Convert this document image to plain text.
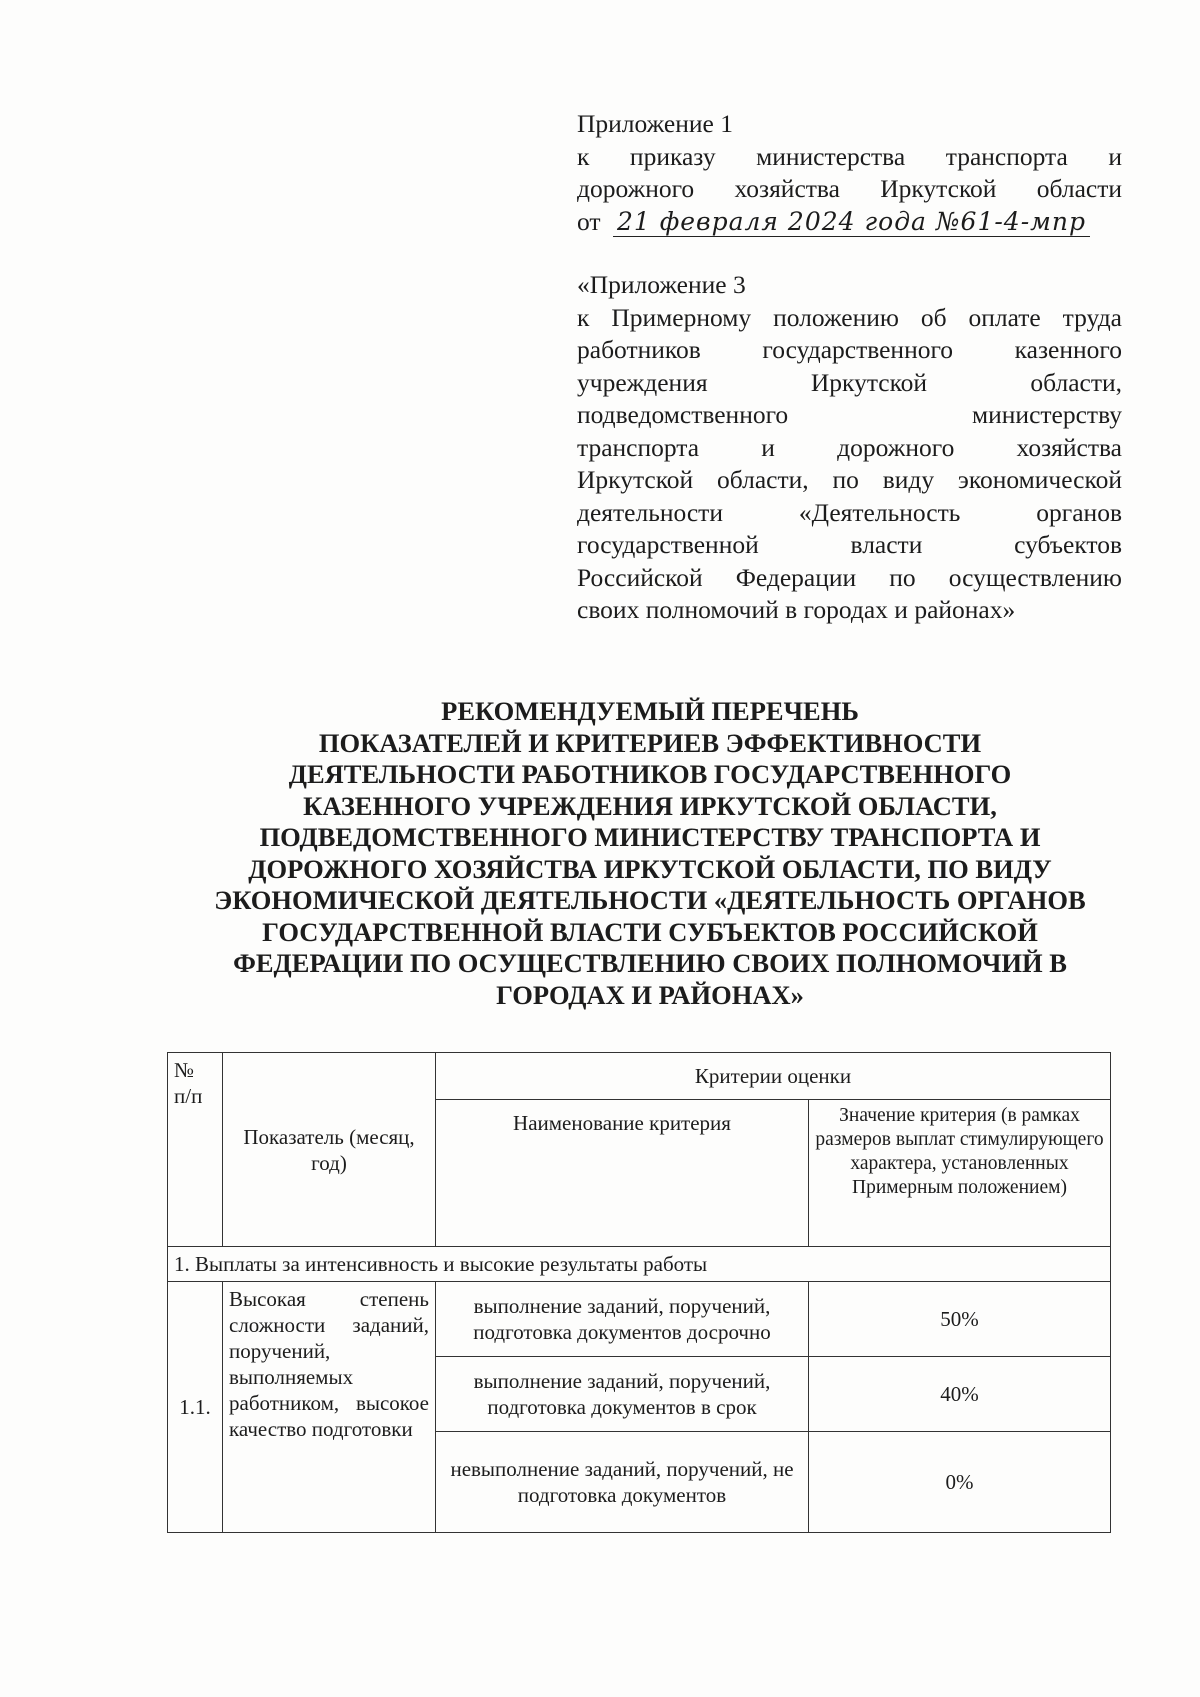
Приложение 1
к приказу министерства транспорта и
дорожного хозяйства Иркутской области
от 21 февраля 2024 года №61-4-мпр
«Приложение 3
к Примерному положению об оплате труда
работников государственного казенного
учреждения Иркутской области,
подведомственного министерству
транспорта и дорожного хозяйства
Иркутской области, по виду экономической
деятельности «Деятельность органов
государственной власти субъектов
Российской Федерации по осуществлению
своих полномочий в городах и районах»
РЕКОМЕНДУЕМЫЙ ПЕРЕЧЕНЬ
ПОКАЗАТЕЛЕЙ И КРИТЕРИЕВ ЭФФЕКТИВНОСТИ
ДЕЯТЕЛЬНОСТИ РАБОТНИКОВ ГОСУДАРСТВЕННОГО
КАЗЕННОГО УЧРЕЖДЕНИЯ ИРКУТСКОЙ ОБЛАСТИ,
ПОДВЕДОМСТВЕННОГО МИНИСТЕРСТВУ ТРАНСПОРТА И
ДОРОЖНОГО ХОЗЯЙСТВА ИРКУТСКОЙ ОБЛАСТИ, ПО ВИДУ
ЭКОНОМИЧЕСКОЙ ДЕЯТЕЛЬНОСТИ «ДЕЯТЕЛЬНОСТЬ ОРГАНОВ
ГОСУДАРСТВЕННОЙ ВЛАСТИ СУБЪЕКТОВ РОССИЙСКОЙ
ФЕДЕРАЦИИ ПО ОСУЩЕСТВЛЕНИЮ СВОИХ ПОЛНОМОЧИЙ В
ГОРОДАХ И РАЙОНАХ»
№ п/п	Показатель (месяц, год)	Критерии оценки	
		Наименование критерия	Значение критерия (в рамках размеров выплат стимулирующего характера, установленных Примерным положением)
1. Выплаты за интенсивность и высокие результаты работы			
1.1.	Высокая степень сложности заданий, поручений, выполняемых работником, высокое качество подготовки	выполнение заданий, поручений, подготовка документов досрочно	50%
		выполнение заданий, поручений, подготовка документов в срок	40%
		невыполнение заданий, поручений, не подготовка документов	0%
